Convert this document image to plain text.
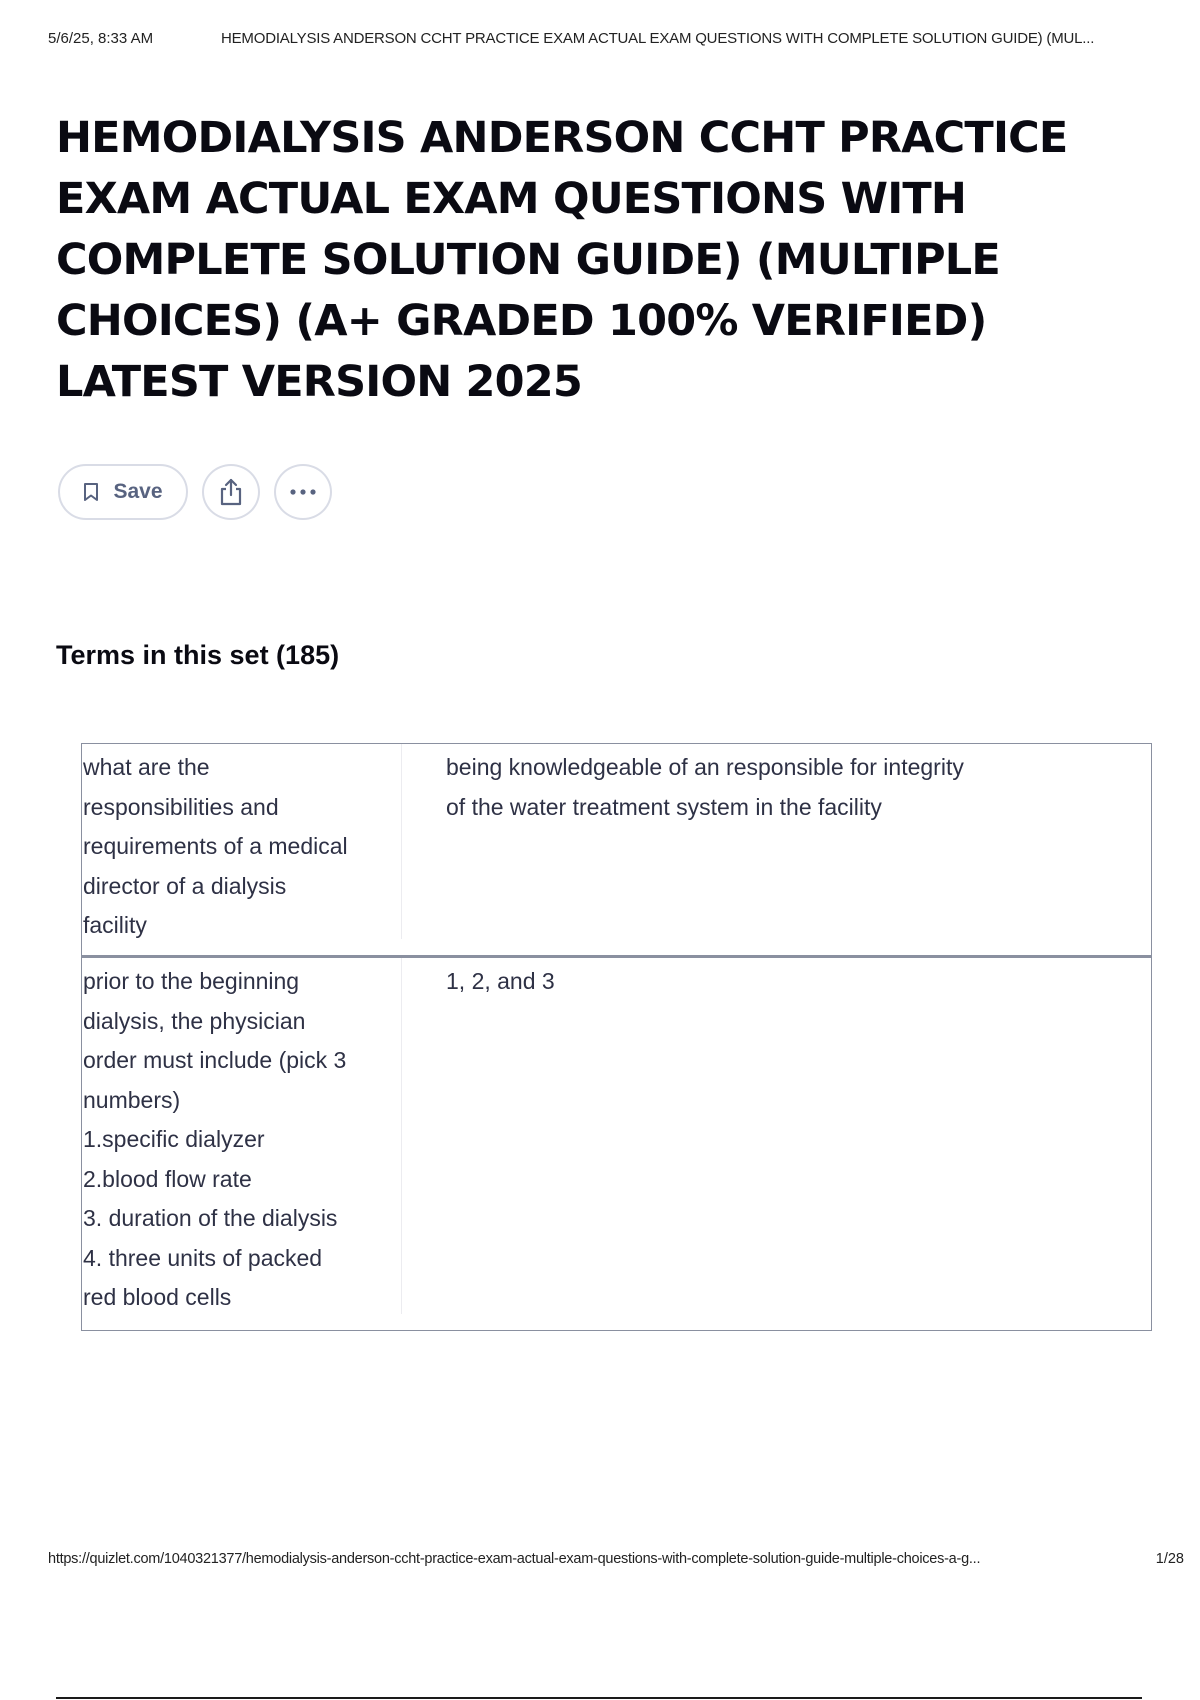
5/6/25, 8:33 AM	HEMODIALYSIS ANDERSON CCHT PRACTICE EXAM ACTUAL EXAM QUESTIONS WITH COMPLETE SOLUTION GUIDE) (MUL...
HEMODIALYSIS ANDERSON CCHT PRACTICE EXAM ACTUAL EXAM QUESTIONS WITH COMPLETE SOLUTION GUIDE) (MULTIPLE CHOICES) (A+ GRADED 100% VERIFIED) LATEST VERSION 2025
Save
Terms in this set (185)
what are the
responsibilities and
requirements of a medical
director of a dialysis
facility
being knowledgeable of an responsible for integrity
of the water treatment system in the facility
prior to the beginning
dialysis, the physician
order must include (pick 3
numbers)
1.specific dialyzer
2.blood flow rate
3. duration of the dialysis
4. three units of packed
red blood cells
1, 2, and 3
https://quizlet.com/1040321377/hemodialysis-anderson-ccht-practice-exam-actual-exam-questions-with-complete-solution-guide-multiple-choices-a-g...	1/28
